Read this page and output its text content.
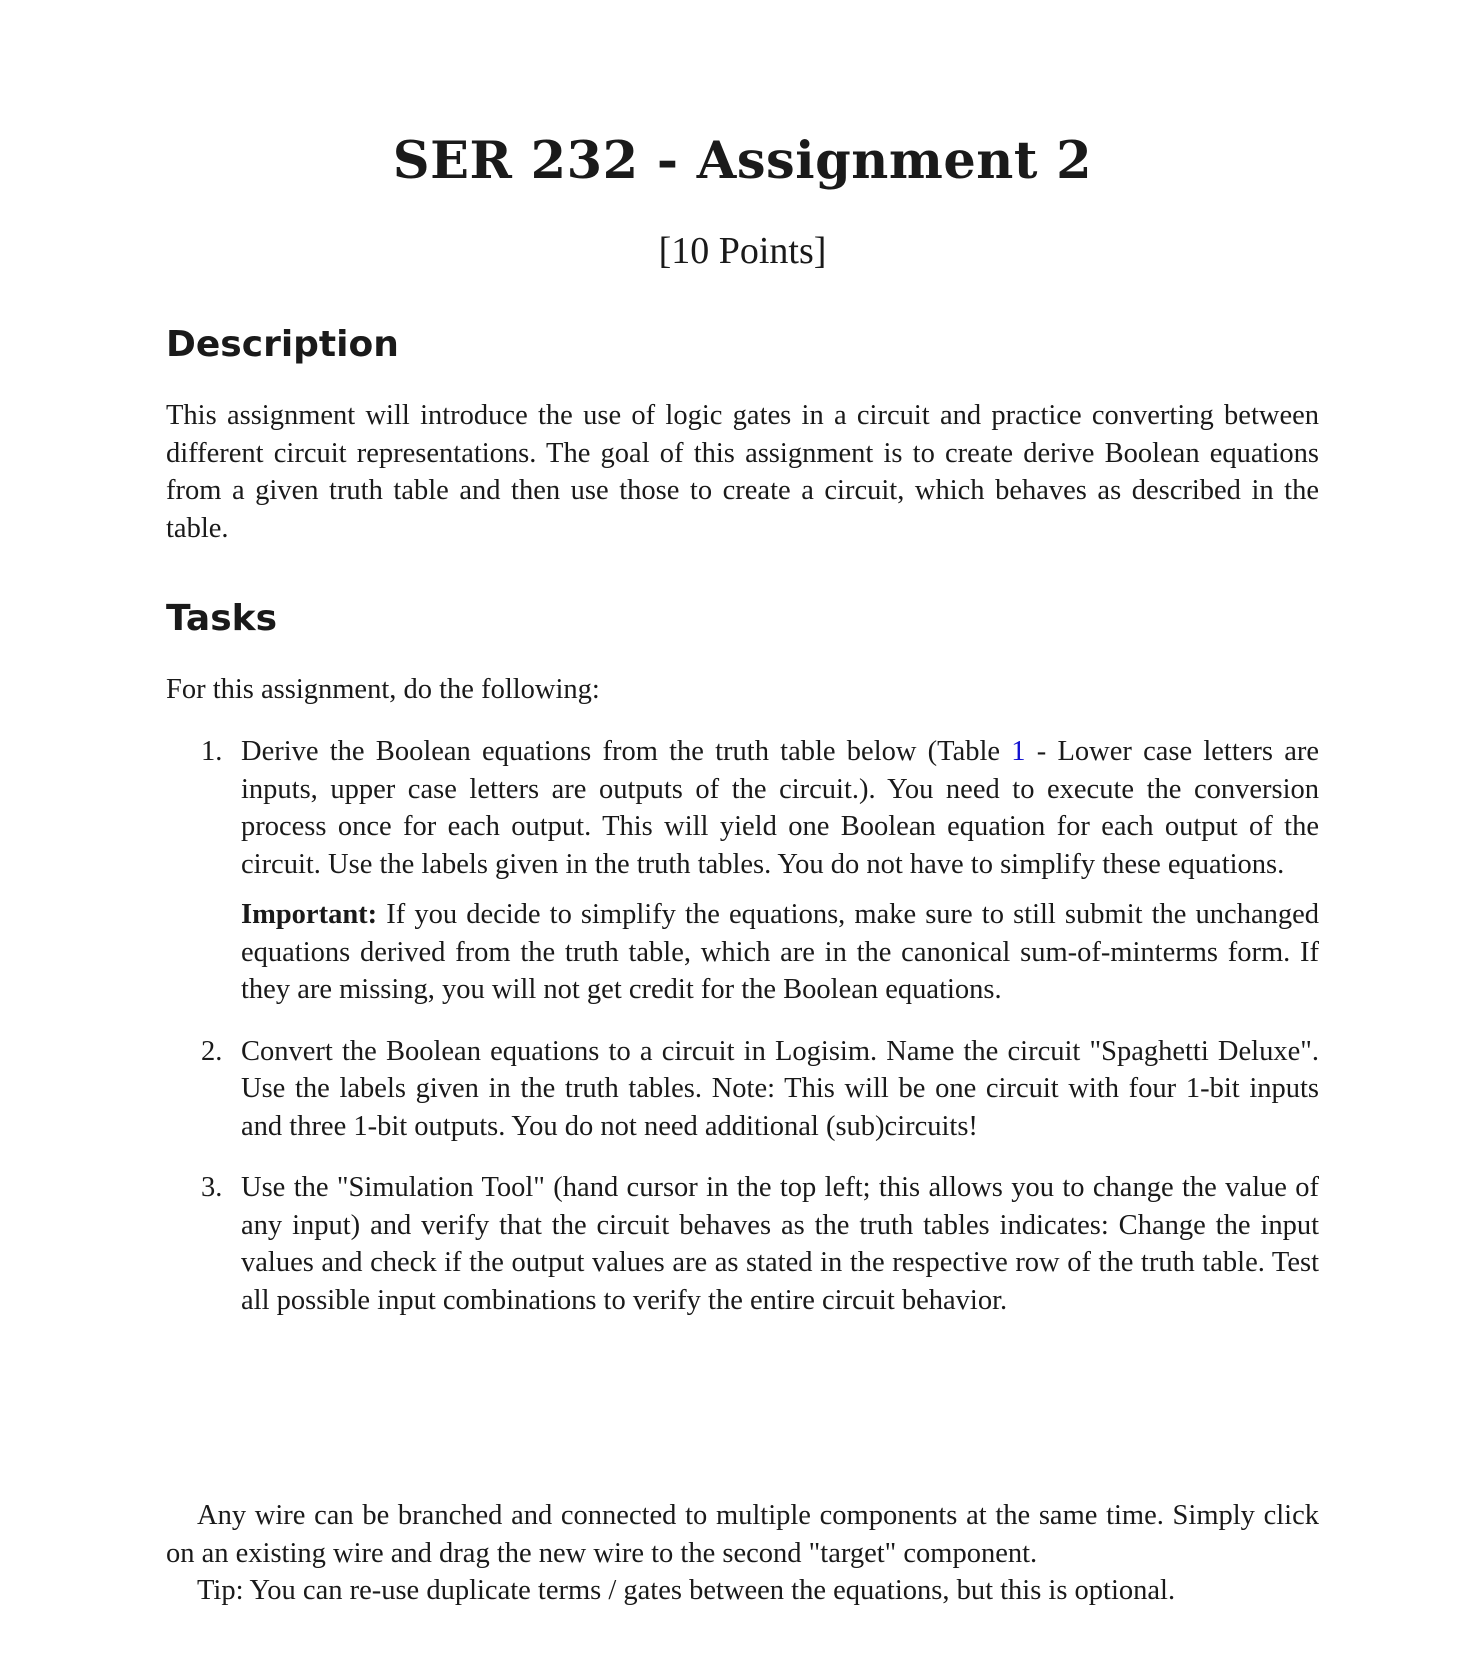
SER 232 - Assignment 2
[10 Points]
Description

This assignment will introduce the use of logic gates in a circuit and practice converting between different circuit representations. The goal of this assignment is to create derive Boolean equations from a given truth table and then use those to create a circuit, which behaves as described in the table.

Tasks

For this assignment, do the following:

1. Derive the Boolean equations from the truth table below (Table 1 - Lower case letters are inputs, upper case letters are outputs of the circuit.). You need to execute the conversion process once for each output. This will yield one Boolean equation for each output of the circuit. Use the labels given in the truth tables. You do not have to simplify these equations.

Important: If you decide to simplify the equations, make sure to still submit the unchanged equations derived from the truth table, which are in the canonical sum-of-minterms form. If they are missing, you will not get credit for the Boolean equations.

2. Convert the Boolean equations to a circuit in Logisim. Name the circuit "Spaghetti Deluxe". Use the labels given in the truth tables. Note: This will be one circuit with four 1-bit inputs and three 1-bit outputs. You do not need additional (sub)circuits!

3. Use the "Simulation Tool" (hand cursor in the top left; this allows you to change the value of any input) and verify that the circuit behaves as the truth tables indicates: Change the input values and check if the output values are as stated in the respective row of the truth table. Test all possible input combinations to verify the entire circuit behavior.

Any wire can be branched and connected to multiple components at the same time. Simply click on an existing wire and drag the new wire to the second "target" component.

Tip: You can re-use duplicate terms / gates between the equations, but this is optional.
